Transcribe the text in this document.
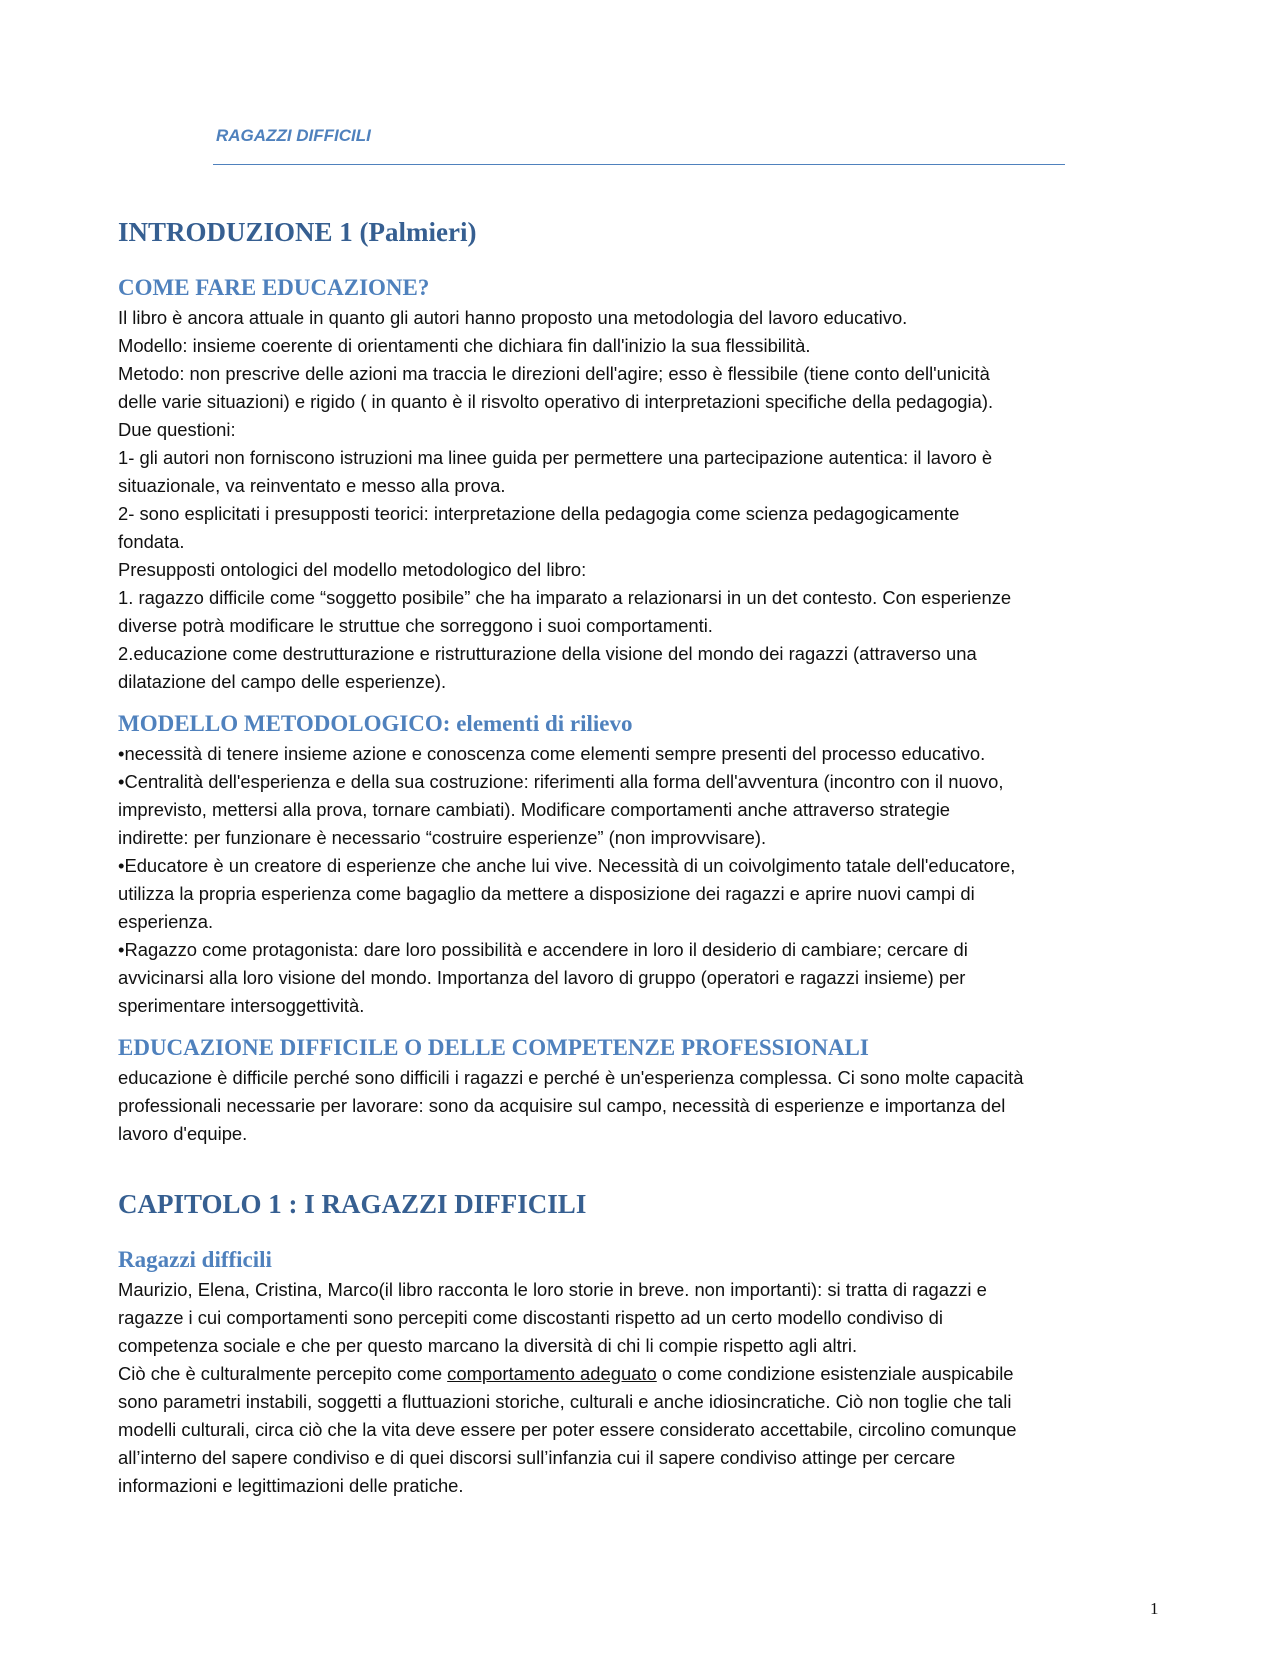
RAGAZZI DIFFICILI
INTRODUZIONE 1 (Palmieri)
COME FARE EDUCAZIONE?

Il libro è ancora attuale in quanto gli autori hanno proposto una metodologia del lavoro educativo.

Modello: insieme coerente di orientamenti che dichiara fin dall'inizio la sua flessibilità.

Metodo: non prescrive delle azioni ma traccia le direzioni dell'agire; esso è flessibile (tiene conto dell'unicità

delle varie situazioni) e rigido ( in quanto è il risvolto operativo di interpretazioni specifiche della pedagogia).

Due questioni:

1- gli autori non forniscono istruzioni ma linee guida per permettere una partecipazione autentica: il lavoro è

situazionale, va reinventato e messo alla prova.

2- sono esplicitati i presupposti teorici: interpretazione della pedagogia come scienza pedagogicamente

fondata.

Presupposti ontologici del modello metodologico del libro:

1. ragazzo difficile come “soggetto posibile” che ha imparato a relazionarsi in un det contesto. Con esperienze

diverse potrà modificare le struttue che sorreggono i suoi comportamenti.

2.educazione come destrutturazione e ristrutturazione della visione del mondo dei ragazzi (attraverso una

dilatazione del campo delle esperienze).

MODELLO METODOLOGICO: elementi di rilievo

•necessità di tenere insieme azione e conoscenza come elementi sempre presenti del processo educativo.

•Centralità dell'esperienza e della sua costruzione: riferimenti alla forma dell'avventura (incontro con il nuovo,

imprevisto, mettersi alla prova, tornare cambiati). Modificare comportamenti anche attraverso strategie

indirette: per funzionare è necessario “costruire esperienze” (non improvvisare).

•Educatore è un creatore di esperienze che anche lui vive. Necessità di un coivolgimento tatale dell'educatore,

utilizza la propria esperienza come bagaglio da mettere a disposizione dei ragazzi e aprire nuovi campi di

esperienza.

•Ragazzo come protagonista: dare loro possibilità e accendere in loro il desiderio di cambiare; cercare di

avvicinarsi alla loro visione del mondo. Importanza del lavoro di gruppo (operatori e ragazzi insieme) per

sperimentare intersoggettività.

EDUCAZIONE DIFFICILE O DELLE COMPETENZE PROFESSIONALI

educazione è difficile perché sono difficili i ragazzi e perché è un'esperienza complessa. Ci sono molte capacità

professionali necessarie per lavorare: sono da acquisire sul campo, necessità di esperienze e importanza del

lavoro d'equipe.

CAPITOLO 1 : I RAGAZZI DIFFICILI
Ragazzi difficili

Maurizio, Elena, Cristina, Marco(il libro racconta le loro storie in breve. non importanti): si tratta di ragazzi e

ragazze i cui comportamenti sono percepiti come discostanti rispetto ad un certo modello condiviso di

competenza sociale e che per questo marcano la diversità di chi li compie rispetto agli altri.

Ciò che è culturalmente percepito come comportamento adeguato o come condizione esistenziale auspicabile

sono parametri instabili, soggetti a fluttuazioni storiche, culturali e anche idiosincratiche. Ciò non toglie che tali

modelli culturali, circa ciò che la vita deve essere per poter essere considerato accettabile, circolino comunque

all’interno del sapere condiviso e di quei discorsi sull’infanzia cui il sapere condiviso attinge per cercare

informazioni e legittimazioni delle pratiche.

1
